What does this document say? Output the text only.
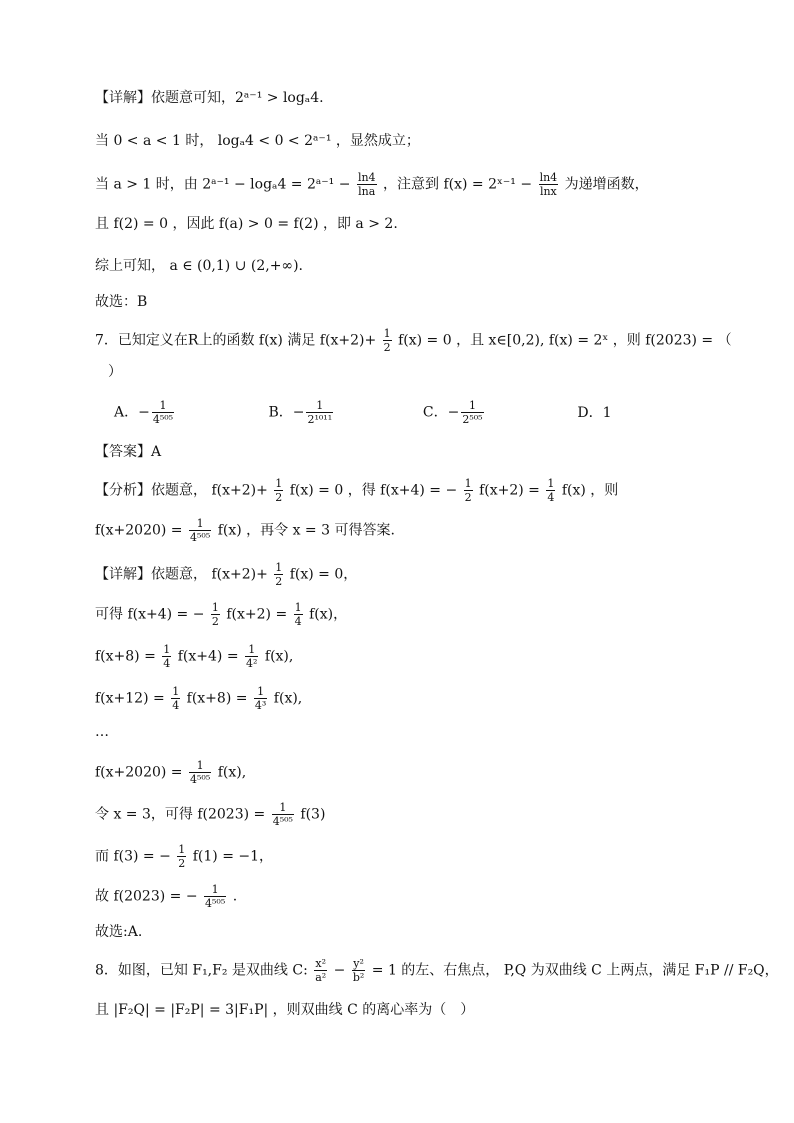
【详解】依题意可知，2ᵃ⁻¹ > logₐ4.
当 0 < a < 1 时， logₐ4 < 0 < 2ᵃ⁻¹ ，显然成立；
当 a > 1 时，由 2ᵃ⁻¹ − logₐ4 = 2ᵃ⁻¹ − $\frac{\ln 4}{\ln a}$ ，注意到 f(x) = 2ˣ⁻¹ − $\frac{\ln 4}{\ln x}$ 为递增函数，
且 f(2) = 0 ，因此 f(a) > 0 = f(2) ，即 a > 2.
综上可知， a ∈ (0,1) ∪ (2,+∞).
故选：B
7．已知定义在R上的函数 f(x) 满足 $f(x+2)+ \frac{1}{2} f(x) = 0$ ，且 x∈[0,2), f(x) = 2ˣ ，则 f(2023) = （
）
A．− $\frac{1}{\text{4⁵⁰⁵}}$	B．− $\frac{1}{\text{2¹⁰¹¹}}$	C．− $\frac{1}{\text{2⁵⁰⁵}}$	D．1
【答案】A
【分析】依题意， $f(x+2)+ \frac{1}{2} f(x) = 0$ ，得 f(x+4) = − $\frac{1}{2} f(x+2) = \frac{1}{4} f(x)$ ，则
$f(x+2020) = \frac{1}{\text{4⁵⁰⁵}} f(x)$ ，再令 x = 3 可得答案.
【详解】依题意， $f(x+2)+ \frac{1}{2} f(x) = 0$，
可得 f(x+4) = − $\frac{1}{2} f(x+2) = \frac{1}{4} f(x)$，
$f(x+8) = \frac{1}{4} f(x+4) = \frac{1}{\text{4²}} f(x)$,
$f(x+12) = \frac{1}{4} f(x+8) = \frac{1}{\text{4³}} f(x)$,
…
$f(x+2020) = \frac{1}{\text{4⁵⁰⁵}} f(x)$,
令 x = 3，可得 $f(2023) = \frac{1}{\text{4⁵⁰⁵}} f(3)$
而 f(3) = − $\frac{1}{2} f(1) = -1$，
故 f(2023) = − $\frac{1}{\text{4⁵⁰⁵}}$ .
故选:A.
8．如图，已知 F₁,F₂ 是双曲线 C: $\frac{\text{x²}}{\text{a²}} - \frac{\text{y²}}{\text{b²}} = 1$ 的左、右焦点， P,Q 为双曲线 C 上两点，满足 F₁P // F₂Q，
且 |F₂Q| = |F₂P| = 3|F₁P| ，则双曲线 C 的离心率为（　）
